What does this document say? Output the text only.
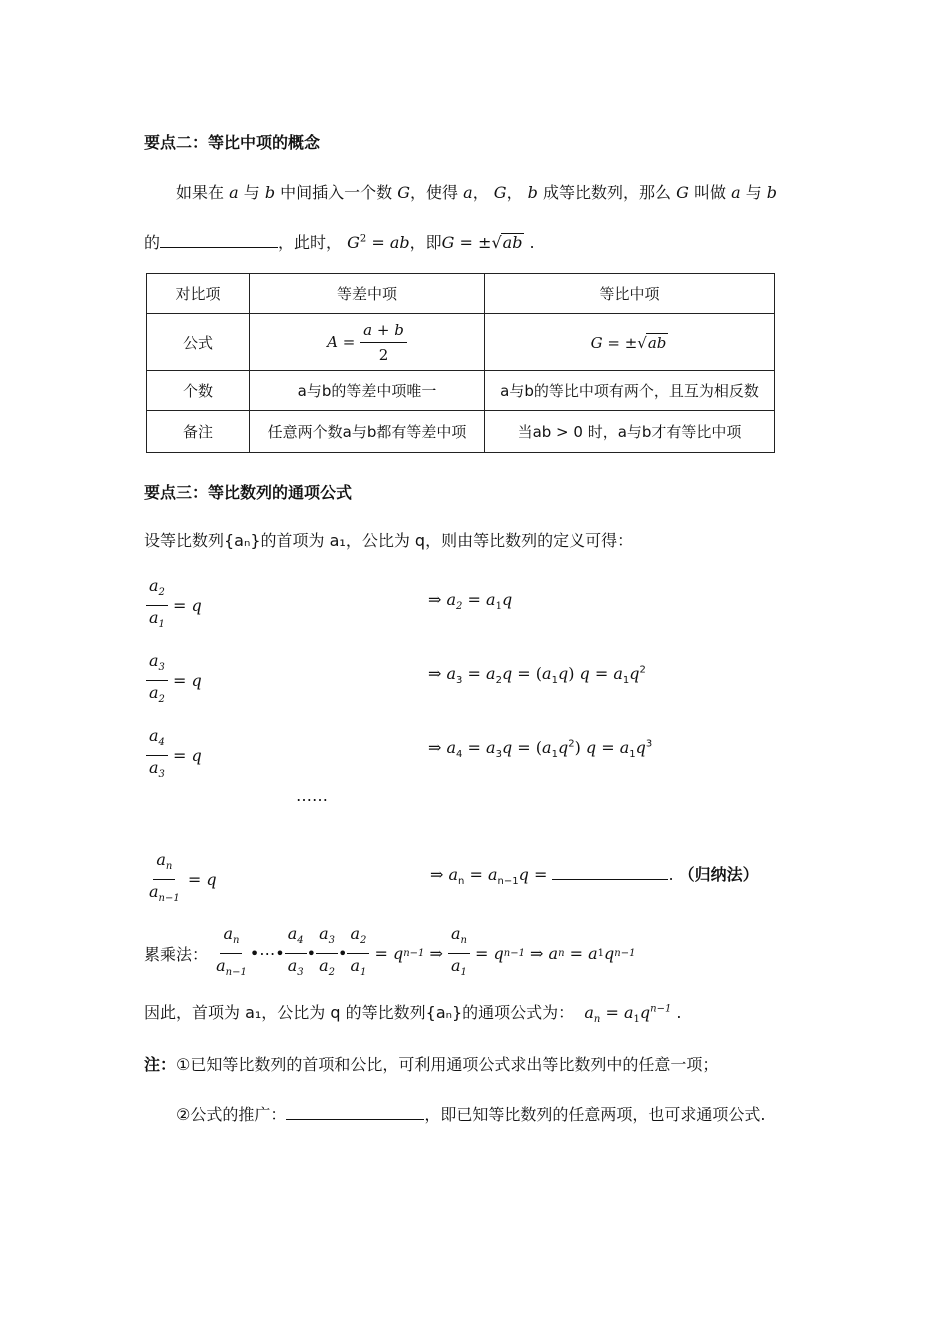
要点二：等比中项的概念
如果在 a 与 b 中间插入一个数 G，使得 a， G， b 成等比数列，那么 G 叫做 a 与 b
的	，此时， $G^2$ = ab，即G = ±√ab .
对比项	等差中项	等比中项
公式	$A = \frac{a + b}{2}$	G = ±√ab
个数	a与b的等差中项唯一	a与b的等比中项有两个，且互为相反数
备注	任意两个数a与b都有等差中项	当ab > 0 时，a与b才有等比中项
要点三：等比数列的通项公式
设等比数列{aₙ}的首项为 a₁，公比为 q，则由等比数列的定义可得：
$\frac{a_2}{a_1} = q$	⇒ $a_2 = a_1q$
$\frac{a_3}{a_2} = q$	⇒ $a_3 = a_2q = (a_1q) q = a_1q^2$
$\frac{a_4}{a_3} = q$	⇒ $a_4 = a_3q = (a_1q^2) q = a_1q^3$
……
$\frac{a_n}{a_{n-1}} = q$	⇒ $a_n = a_{n-1}q$ =	. （归纳法）
累乘法：
$\frac{a_n}{a_{n-1}}$ •⋯• $\frac{a_4}{a_3}$ • $\frac{a_3}{a_2}$ • $\frac{a_2}{a_1} = q$ n−1 ⇒ $\frac{a_n}{a_1} = q$ n−1 ⇒ a n = a 1 q n−1
因此，首项为 a₁，公比为 q 的等比数列{aₙ}的通项公式为： $a_n = a_1q^{n-1}$ .
注：①已知等比数列的首项和公比，可利用通项公式求出等比数列中的任意一项；
②公式的推广：	，即已知等比数列的任意两项，也可求通项公式.
